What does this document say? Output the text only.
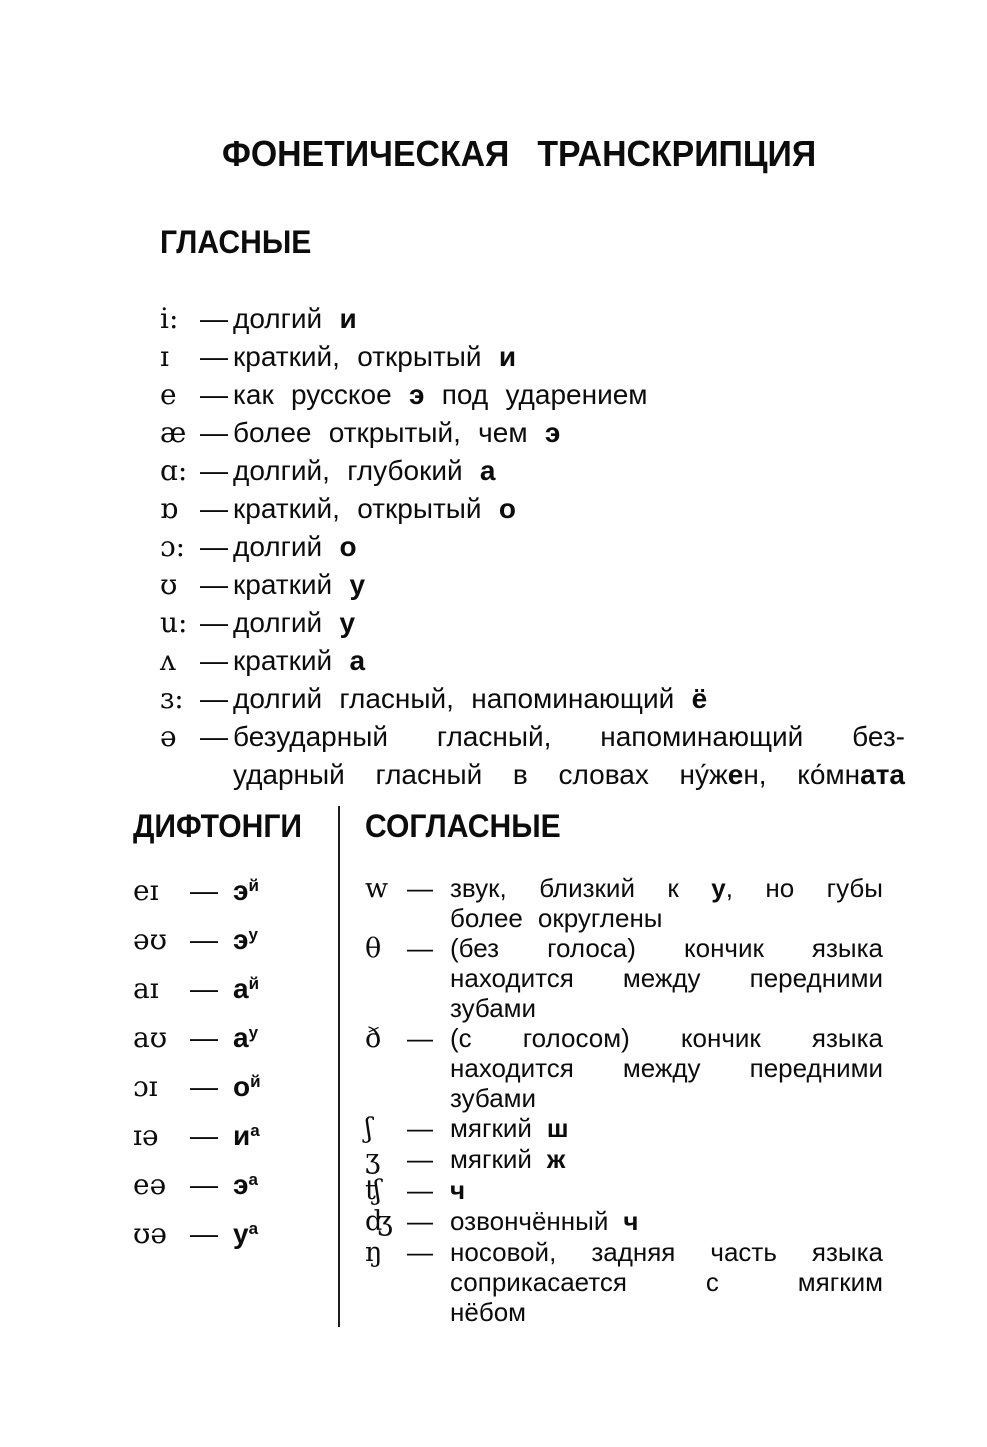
ФОНЕТИЧЕСКАЯ ТРАНСКРИПЦИЯ
ГЛАСНЫЕ
i: — долгий и
ɪ	— краткий, открытый и
e — как русское э под ударением
æ — более открытый, чем э
ɑ: — долгий, глубокий а
ɒ — краткий, открытый о
ɔ: — долгий о
ʊ — краткий у
u: — долгий у
ʌ — краткий а
ɜ: — долгий гласный, напоминающий ё
ə — безударный гласный, напоминающий без-
ударный гласный в словах ну́жен, ко́мната
ДИФТОНГИ
eɪ	— $э^й$
əʊ — $э^у$
aɪ	— $а^й$
aʊ — $а^у$
ɔɪ	— $о^й$
ɪə	— $и^а$
eə — $э^а$
ʊə — $у^а$
СОГЛАСНЫЕ
w — звук, близкий к у, но губы
более округлены
θ — (без голоса) кончик языка
находится между передними
зубами
ð — (с голосом) кончик языка
находится между передними
зубами
ʃ	— мягкий ш
ʒ	— мягкий ж
ʧ — ч
ʤ — озвончённый ч
ŋ — носовой, задняя часть языка
соприкасается с мягким
нёбом
